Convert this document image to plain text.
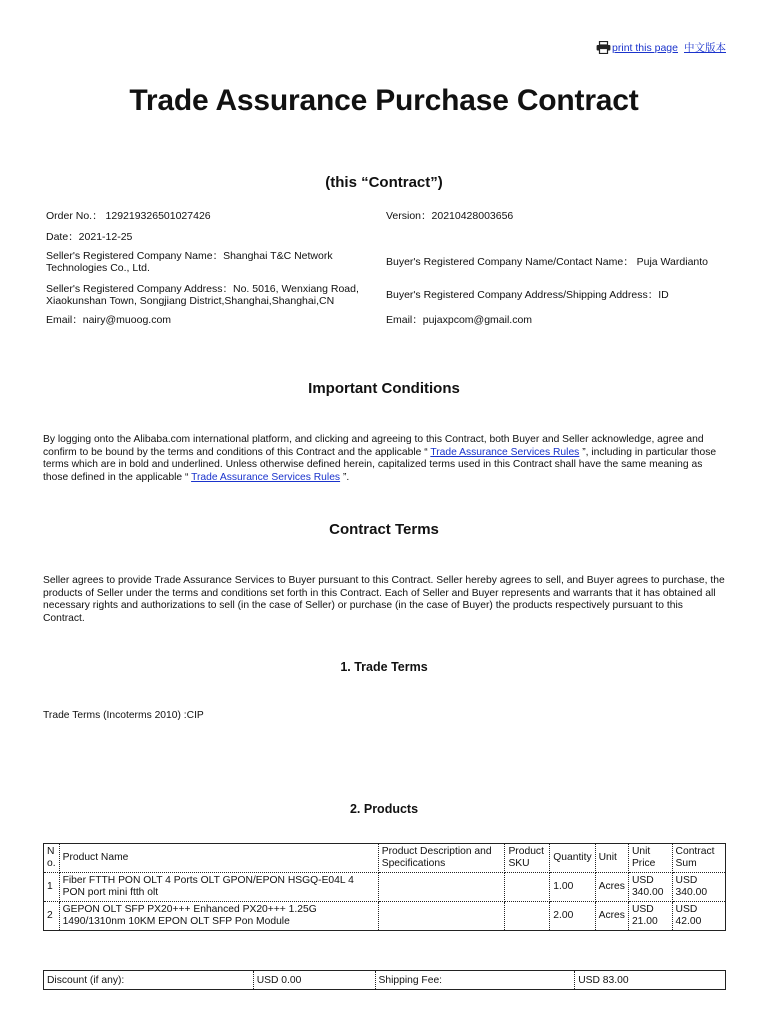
print this page 中文版本
Trade Assurance Purchase Contract
(this “Contract”)
Order No.： 129219326501027426	Version：20210428003656
Date：2021-12-25
Seller's Registered Company Name：Shanghai T&C Network Technologies Co., Ltd.	Buyer's Registered Company Name/Contact Name： Puja Wardianto
Seller's Registered Company Address：No. 5016, Wenxiang Road, Xiaokunshan Town, Songjiang District,Shanghai,Shanghai,CN	Buyer's Registered Company Address/Shipping Address：ID
Email：nairy@muoog.com	Email：pujaxpcom@gmail.com
Important Conditions
By logging onto the Alibaba.com international platform, and clicking and agreeing to this Contract, both Buyer and Seller acknowledge, agree and confirm to be bound by the terms and conditions of this Contract and the applicable “ Trade Assurance Services Rules ”, including in particular those terms which are in bold and underlined. Unless otherwise defined herein, capitalized terms used in this Contract shall have the same meaning as those defined in the applicable “ Trade Assurance Services Rules ”.
Contract Terms
Seller agrees to provide Trade Assurance Services to Buyer pursuant to this Contract. Seller hereby agrees to sell, and Buyer agrees to purchase, the products of Seller under the terms and conditions set forth in this Contract. Each of Seller and Buyer represents and warrants that it has obtained all necessary rights and authorizations to sell (in the case of Seller) or purchase (in the case of Buyer) the products respectively pursuant to this Contract.
1. Trade Terms
Trade Terms (Incoterms 2010) :CIP
2. Products
N o.	Product Name	Product Description and Specifications	Product SKU	Quantity	Unit	Unit Price	Contract Sum
1	Fiber FTTH PON OLT 4 Ports OLT GPON/EPON HSGQ-E04L 4 PON port mini ftth olt			1.00	Acres	USD 340.00	USD 340.00
2	GEPON OLT SFP PX20+++ Enhanced PX20+++ 1.25G 1490/1310nm 10KM EPON OLT SFP Pon Module			2.00	Acres	USD 21.00	USD 42.00
Discount (if any):	USD 0.00	Shipping Fee:	USD 83.00
